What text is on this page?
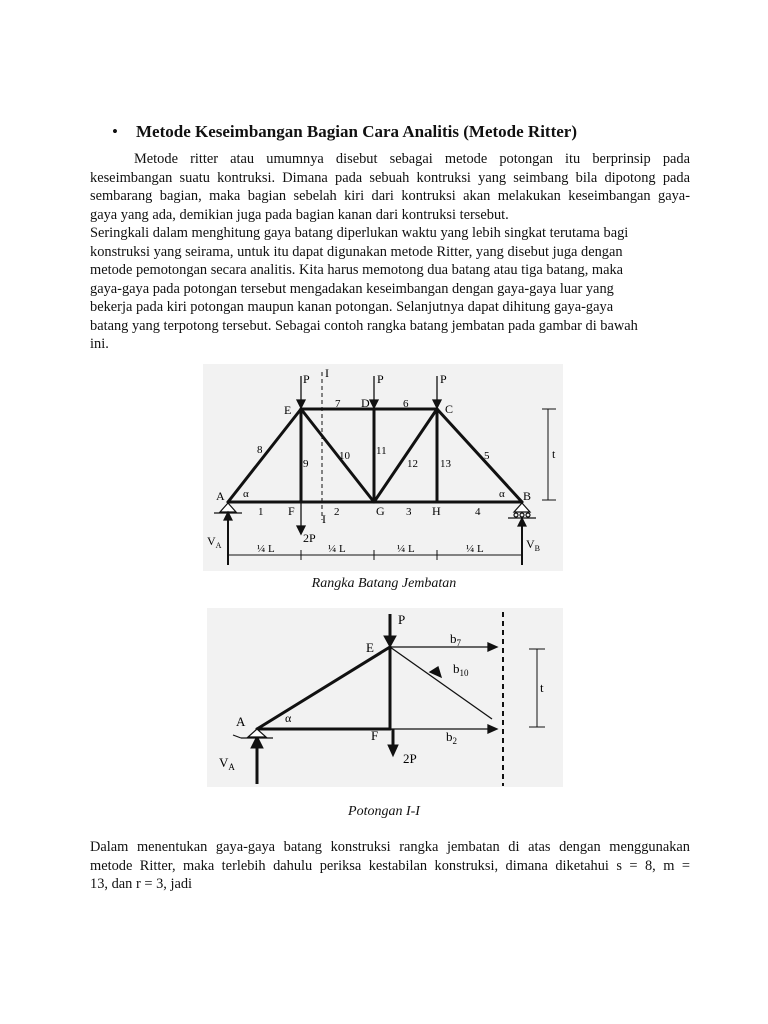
• Metode Keseimbangan Bagian Cara Analitis (Metode Ritter)
Metode ritter atau umumnya disebut sebagai metode potongan itu berprinsip pada
keseimbangan suatu kontruksi. Dimana pada sebuah kontruksi yang seimbang bila dipotong pada
sembarang bagian, maka bagian sebelah kiri dari kontruksi akan melakukan keseimbangan gaya-
gaya yang ada, demikian juga pada bagian kanan dari kontruksi tersebut.
Seringkali dalam menghitung gaya batang diperlukan waktu yang lebih singkat terutama bagi
konstruksi yang seirama, untuk itu dapat digunakan metode Ritter, yang disebut juga dengan
metode pemotongan secara analitis. Kita harus memotong dua batang atau tiga batang, maka
gaya-gaya pada potongan tersebut mengadakan keseimbangan dengan gaya-gaya luar yang
bekerja pada kiri potongan maupun kanan potongan. Selanjutnya dapat dihitung gaya-gaya
batang yang terpotong tersebut. Sebagai contoh rangka batang jembatan pada gambar di bawah
ini.
t
I
I
P	P	P
2P
E	D	C
A	B
F	G	H
1	2	3	4
5
6
7
8
9
10 11
12 13
α	α
$V_A$	$V_B$
¼ L	¼ L	¼ L	¼ L
Rangka Batang Jembatan
P
E
A
F
α
$b_7$
$b_{10}$
$b_2$
2P
t
$V_A$
Potongan I-I
Dalam menentukan gaya-gaya batang konstruksi rangka jembatan di atas dengan menggunakan
metode Ritter, maka terlebih dahulu periksa kestabilan konstruksi, dimana diketahui s = 8, m =
13, dan r = 3, jadi
